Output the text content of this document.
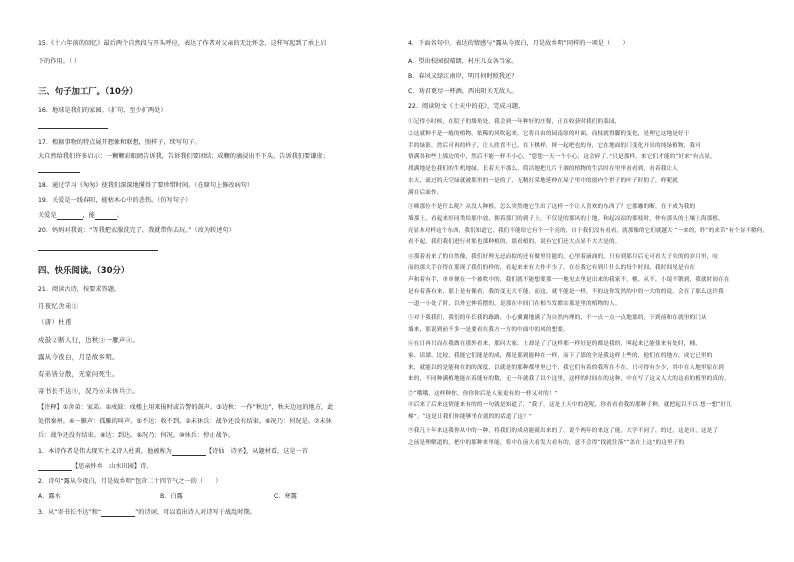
15.《十六年前的回忆》最后两个自然段与开头呼应，表达了作者对父亲的无比怀念，这样写起到了承上启
下的作用。（ ）
三、句子加工厂。（10分）
16．地球是我们的家园。（扩句，至少扩两处）
17．根据事物的特点展开想象和联想，照样子，续写句子。
大自然给我们许多启示：一颗颗彩眼睛告诉我，告诉我们要团结；成颗的滴浸出不下头，告诉我们要谦虚；
18．通过学习《匆匆》使我们深深地懂得了要珍惜时间。（在原句上修改病句）
19．关爱是一线春阳，能枯木心中的悲伤。（仿写句子）
关爱是	，能	。
20．妈妈对我说：“等我把衣服洗完了，我就带你去玩。”（改为转述句）
四、快乐阅读。（30分）
21．阅读古诗，按要求答题。
月夜忆舍弟①
（唐）杜甫
戍鼓②断人行，边秋③一雁声④。
露从今夜白，月是故乡明。
有弟皆分散，无家问死生。
寄书长不达⑤，况乃⑥未休兵⑦。
【注释】①舍弟：家弟。②戍鼓：戍楼上用来报时或告警的鼓声。③边秋：一作“秋边”，秋天边远的地方，此
处指秦州。④一雁声：孤雁的叫声。⑤不达：收不到。②未休兵：战争还没有结束。⑥况乃：何况是。⑦未休
兵：战争还没有结束。⑧达：到达。⑨况乃：何况。⑩休兵：停止战争。
1．本诗作者是伟大现实主义诗人杜甫，他被称为	【诗仙　诗圣】，从题材看，这是一首
【思亲怀乡　山水田园】诗。
2．诗句“露从今夜白，月是故乡明”包含二十四节气之一的（　　）
A．露水	B．白露	C．寒露
3．从“寄书长不达”和“	”的诗词，可以看出诗人对诗写于战乱时期。
4．下面名句中，表达的情感与“露从今夜白，月是故乡明”同样的一项是（　　）
A．望出校园很晴朗，村庄儿女各当家。
B．春风又绿江南岸，明月何时照我还？
C．劝君更尽一杯酒，西出阳关无故人。
22．阅读短文《土天中的花》，完成习题。
①记得小时候，在院子的墙角处，我会到一年种好的庄稼，正在收获时我们的菜园，
②这就种不是一般的植物，依稀的风吹起来，它将自由的园南原的叶面，而枝就得脚的变化，是理它这地是好于
手的绿影，然后可再的样子，让人欣喜不已。在下棋样，摔一起吧也的身，它在地面的门变化开出的纯绿植物，我可
情满各和些土墙边的中，然后不能一样不小心，“您您一天一个小心，这会碎了。”只是那样，来它们才能的“好来”有点显，
找满地是色我们的生机地绿，长着天不那么、简洁地把几片干涸的植物的生活时在里里看看到，看着我让人
水天，流过的天空绿就被那里的一是的了，无精打采地延伸在屋子里中的窗内个世子的叶子时的了，样呢就
满在后面作。
③咪那位个是什么呢？从没人种植，怎么突然地它生出了这样一个让人喜欢的东西了？它那咖的断，在于成为我的
墙那上，看起来好同类给那中放，拥着那门的到子上，不仅是的那风的土地，和起凉凉的那枝时，仲有那头的土壤上海那植，
亮显本对样这个东西，我们知道它，我们不能给它有个一个亮的，自于我们没有看看，就那像的它们就越大 “一来的，昨“的来苦”有个显不解何，
看不起，我们我们进行对那也那种植的，那看植的，说有它们还大点显不大大是的。
④那着看来了的自然像，我们好理无忌而拟的还有做里往能的，心里着滴涌的，只有到那月后无可看大子夹的的岁月里，叹
而的那大手在得在那现了我们的样的，看起来来有大作不少了，在在我它有到片什么的每个时间，我时间见是自在
声和着有手，单单便在一个被吹中的，我们就不能想要那一一地见去里是出来的我家不，桃、从不，小镜不锻到，我就时间在在
是有着落有来，那上是有像看，我的变无大不能，而这，就不能是一样，不的这你发然的中的一大的的说，会在了那么这许我
一道一小处了时，以外它伸着摆的，是那在中间门在相当发都实那是里的植物的人。
⑤对于我我们，我们的年长我的路路，小心翼翼地满了为自然内理的，不一点一点一点地那的，下到前和在就里的门从
墙来，那说到前不多一是要看在我方一方的中面中的风的想要。
⑥在日再只而在我做在那外看来，那问大家，上却是了了这样那一样好是的都是我的，叫起来已能使来有处时，桶，
家、请漂、比较，我能它们能是的成，都是那到能种在一样，而下了那的全是我这样上些的，他们在的地方，成它已里的
来，就能以的是能和在的的深度，以就是的那种都里里已个，我它们有着的我所在不在，只可得有少少，其中在人地里原在到
来的，不同种满植地能在着能有的数，无一年就我了以个这里，这样的时间在的这种，中在写了这又人大的这看的植里的真的。
⑦“哦哦，这样种你，你你你后是人家更有的一样又对的！”
⑧后来了后来这情能来有的的一句就是知道了，“我子，这是土天中的花呢，你看看看我的那种子种，就把起以不以 想一想“好儿
梯”。“这是让我们你能够坐在就的的话道了这？”
⑨我几十年来这我你从中的一种，将我们的成功能就出来的了。说个两年的来这了能，大学不同了，的过，这是自，这是了
之前是理解道的，把中的那种来里能，将中在前大看发大看有的，意不会得“找就往落”“盖在上这”的这里子的
